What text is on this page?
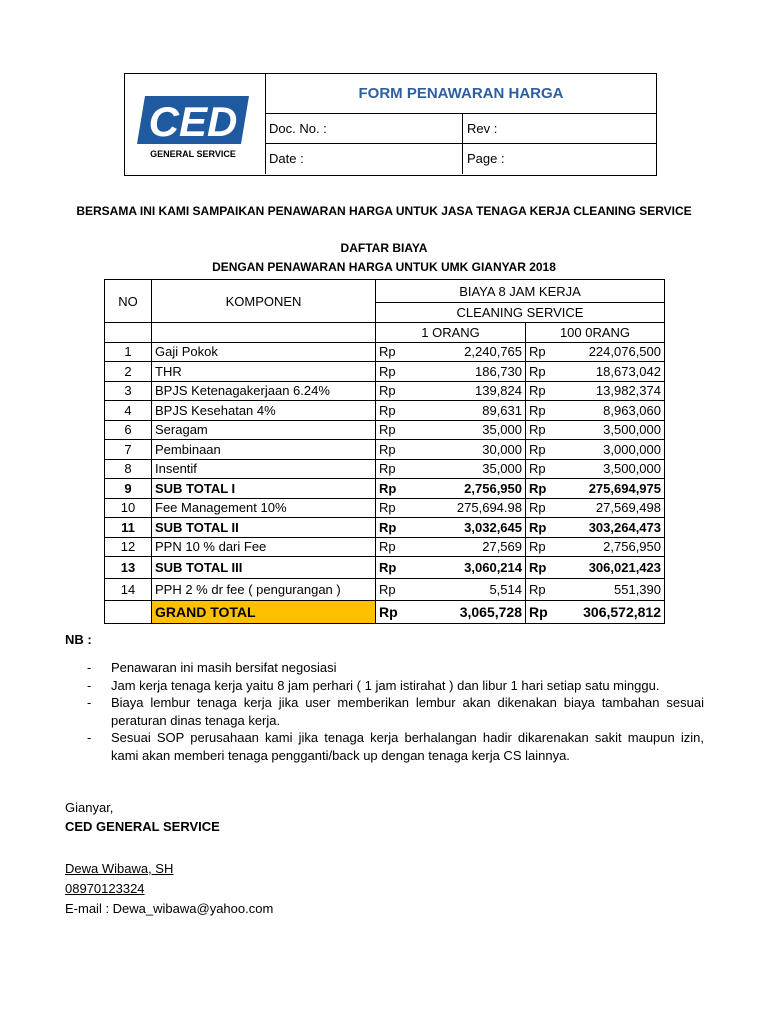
CED
GENERAL SERVICE
FORM PENAWARAN HARGA
Doc. No. :	Rev :
Date :	Page :
BERSAMA INI KAMI SAMPAIKAN PENAWARAN HARGA UNTUK JASA TENAGA KERJA CLEANING SERVICE
DAFTAR BIAYA
DENGAN PENAWARAN HARGA UNTUK UMK GIANYAR 2018
NO	KOMPONEN	BIAYA 8 JAM KERJA			
		CLEANING SERVICE			
		1 ORANG		100 0RANG	
1	Gaji Pokok	Rp	2,240,765	Rp	224,076,500
2	THR	Rp	186,730	Rp	18,673,042
3	BPJS Ketenagakerjaan 6.24%	Rp	139,824	Rp	13,982,374
4	BPJS Kesehatan 4%	Rp	89,631	Rp	8,963,060
6	Seragam	Rp	35,000	Rp	3,500,000
7	Pembinaan	Rp	30,000	Rp	3,000,000
8	Insentif	Rp	35,000	Rp	3,500,000
9	SUB TOTAL I	Rp	2,756,950	Rp	275,694,975
10	Fee Management 10%	Rp	275,694.98	Rp	27,569,498
11	SUB TOTAL II	Rp	3,032,645	Rp	303,264,473
12	PPN 10 % dari Fee	Rp	27,569	Rp	2,756,950
13	SUB TOTAL III	Rp	3,060,214	Rp	306,021,423
14	PPH 2 % dr fee ( pengurangan )	Rp	5,514	Rp	551,390
	GRAND TOTAL	Rp	3,065,728	Rp	306,572,812
NB :
- Penawaran ini masih bersifat negosiasi
- Jam kerja tenaga kerja yaitu 8 jam perhari ( 1 jam istirahat ) dan libur 1 hari setiap satu minggu.
- Biaya lembur tenaga kerja jika user memberikan lembur akan dikenakan biaya tambahan sesuai peraturan dinas tenaga kerja.
- Sesuai SOP perusahaan kami jika tenaga kerja berhalangan hadir dikarenakan sakit maupun izin, kami akan memberi tenaga pengganti/back up dengan tenaga kerja CS lainnya.
Gianyar,
CED GENERAL SERVICE
Dewa Wibawa, SH
08970123324
E-mail : Dewa_wibawa@yahoo.com
